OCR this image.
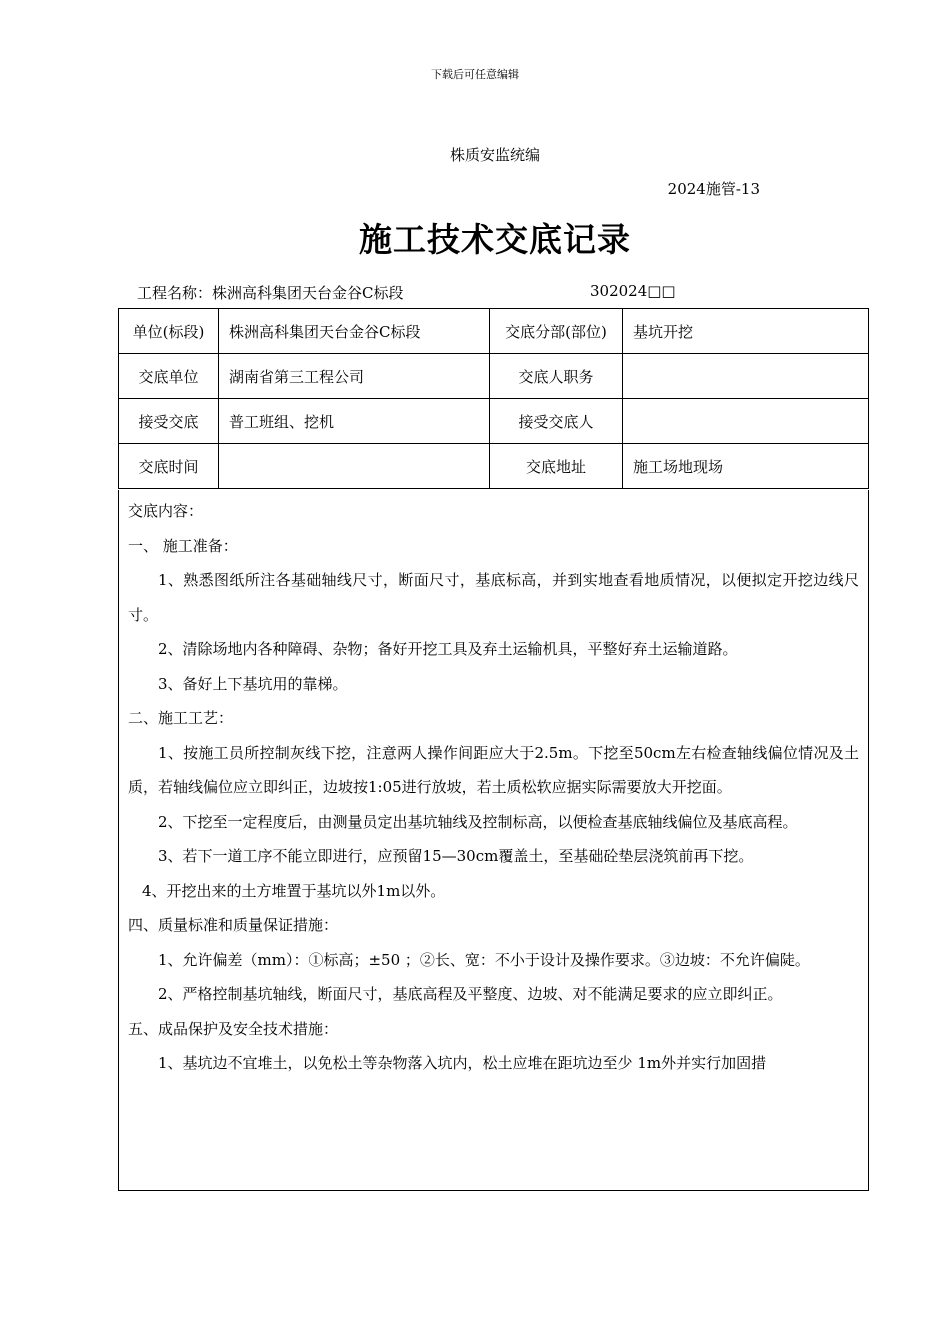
下载后可任意编辑
株质安监统编
2024施管-13
施工技术交底记录
工程名称：株洲高科集团天台金谷C标段	302024□□
单位(标段)	株洲高科集团天台金谷C标段	交底分部(部位)	基坑开挖
交底单位	湖南省第三工程公司	交底人职务	
接受交底	普工班组、挖机	接受交底人	
交底时间		交底地址	施工场地现场

交底内容：

一、 施工准备：

1、熟悉图纸所注各基础轴线尺寸，断面尺寸，基底标高，并到实地查看地质情况，以便拟定开挖边线尺寸。

2、清除场地内各种障碍、杂物；备好开挖工具及弃土运输机具，平整好弃土运输道路。

3、备好上下基坑用的靠梯。

二、施工工艺：

1、按施工员所控制灰线下挖，注意两人操作间距应大于2.5m。下挖至50cm左右检查轴线偏位情况及土质，若轴线偏位应立即纠正，边坡按1:05进行放坡，若土质松软应据实际需要放大开挖面。

2、下挖至一定程度后，由测量员定出基坑轴线及控制标高，以便检查基底轴线偏位及基底高程。

3、若下一道工序不能立即进行，应预留15—30cm覆盖土，至基础砼垫层浇筑前再下挖。

4、开挖出来的土方堆置于基坑以外1m以外。

四、质量标准和质量保证措施：

1、允许偏差（mm）：①标高；±50 ；②长、宽：不小于设计及操作要求。③边坡：不允许偏陡。

2、严格控制基坑轴线，断面尺寸，基底高程及平整度、边坡、对不能满足要求的应立即纠正。

五、成品保护及安全技术措施：

1、基坑边不宜堆土，以免松土等杂物落入坑内，松土应堆在距坑边至少 1m外并实行加固措
